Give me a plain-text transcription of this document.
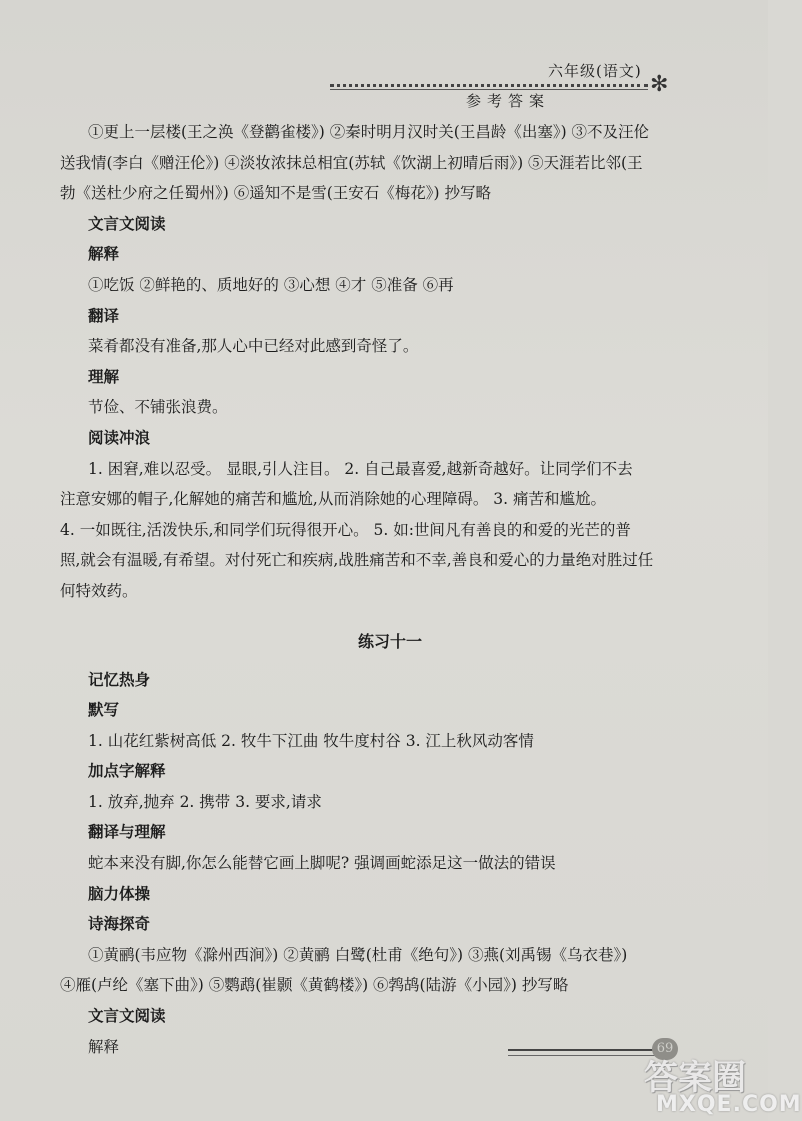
六年级(语文)
✻
参考答案
①更上一层楼(王之涣《登鹳雀楼》) ②秦时明月汉时关(王昌龄《出塞》) ③不及汪伦
送我情(李白《赠汪伦》) ④淡妆浓抹总相宜(苏轼《饮湖上初晴后雨》) ⑤天涯若比邻(王
勃《送杜少府之任蜀州》) ⑥遥知不是雪(王安石《梅花》) 抄写略
文言文阅读
解释
①吃饭 ②鲜艳的、质地好的 ③心想 ④才 ⑤准备 ⑥再
翻译
菜肴都没有准备,那人心中已经对此感到奇怪了。
理解
节俭、不铺张浪费。
阅读冲浪
1. 困窘,难以忍受。 显眼,引人注目。 2. 自己最喜爱,越新奇越好。让同学们不去
注意安娜的帽子,化解她的痛苦和尴尬,从而消除她的心理障碍。 3. 痛苦和尴尬。
4. 一如既往,活泼快乐,和同学们玩得很开心。 5. 如:世间凡有善良的和爱的光芒的普
照,就会有温暖,有希望。对付死亡和疾病,战胜痛苦和不幸,善良和爱心的力量绝对胜过任
何特效药。
练习十一
记忆热身
默写
1. 山花红紫树高低 2. 牧牛下江曲 牧牛度村谷 3. 江上秋风动客情
加点字解释
1. 放弃,抛弃 2. 携带 3. 要求,请求
翻译与理解
蛇本来没有脚,你怎么能替它画上脚呢? 强调画蛇添足这一做法的错误
脑力体操
诗海探奇
①黄鹂(韦应物《滁州西涧》) ②黄鹂 白鹭(杜甫《绝句》) ③燕(刘禹锡《乌衣巷》)
④雁(卢纶《塞下曲》) ⑤鹦鹉(崔颢《黄鹤楼》) ⑥鹁鸪(陆游《小园》) 抄写略
文言文阅读
解释	69
答案圈
MXQE.COM
